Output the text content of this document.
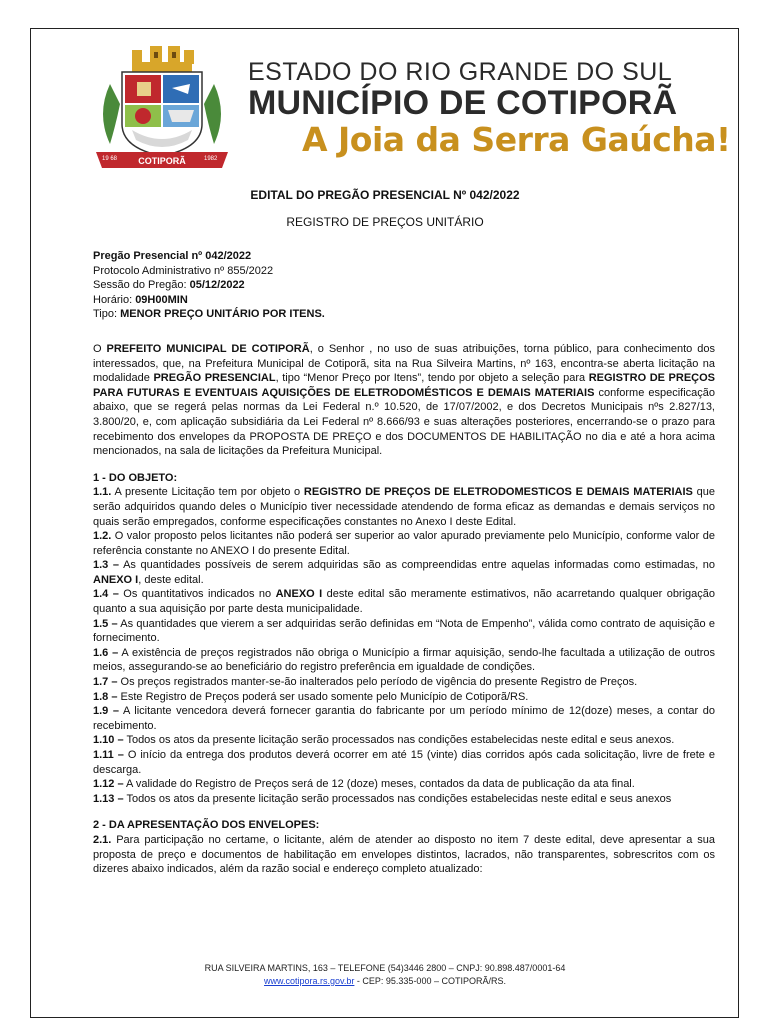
COTIPORÃ
19 68	1982
ESTADO DO RIO GRANDE DO SUL
MUNICÍPIO DE COTIPORÃ
A Joia da Serra Gaúcha!
EDITAL DO PREGÃO PRESENCIAL Nº 042/2022
REGISTRO DE PREÇOS UNITÁRIO

Pregão Presencial nº 042/2022

Protocolo Administrativo nº 855/2022

Sessão do Pregão: 05/12/2022

Horário: 09H00MIN

Tipo: MENOR PREÇO UNITÁRIO POR ITENS.

O PREFEITO MUNICIPAL DE COTIPORÃ, o Senhor , no uso de suas atribuições, torna público, para conhecimento dos interessados, que, na Prefeitura Municipal de Cotiporã, sita na Rua Silveira Martins, nº 163, encontra-se aberta licitação na modalidade PREGÃO PRESENCIAL, tipo “Menor Preço por Itens”, tendo por objeto a seleção para REGISTRO DE PREÇOS PARA FUTURAS E EVENTUAIS AQUISIÇÕES DE ELETRODOMÉSTICOS E DEMAIS MATERIAIS conforme especificação abaixo, que se regerá pelas normas da Lei Federal n.º 10.520, de 17/07/2002, e dos Decretos Municipais nºs 2.827/13, 3.800/20, e, com aplicação subsidiária da Lei Federal nº 8.666/93 e suas alterações posteriores, encerrando-se o prazo para recebimento dos envelopes da PROPOSTA DE PREÇO e dos DOCUMENTOS DE HABILITAÇÃO no dia e até a hora acima mencionados, na sala de licitações da Prefeitura Municipal.

1 - DO OBJETO:

1.1. A presente Licitação tem por objeto o REGISTRO DE PREÇOS DE ELETRODOMESTICOS E DEMAIS MATERIAIS que serão adquiridos quando deles o Município tiver necessidade atendendo de forma eficaz as demandas e demais serviços no quais serão empregados, conforme especificações constantes no Anexo I deste Edital.

1.2. O valor proposto pelos licitantes não poderá ser superior ao valor apurado previamente pelo Município, conforme valor de referência constante no ANEXO I do presente Edital.

1.3 – As quantidades possíveis de serem adquiridas são as compreendidas entre aquelas informadas como estimadas, no ANEXO I, deste edital.

1.4 – Os quantitativos indicados no ANEXO I deste edital são meramente estimativos, não acarretando qualquer obrigação quanto a sua aquisição por parte desta municipalidade.

1.5 – As quantidades que vierem a ser adquiridas serão definidas em “Nota de Empenho”, válida como contrato de aquisição e fornecimento.

1.6 – A existência de preços registrados não obriga o Município a firmar aquisição, sendo-lhe facultada a utilização de outros meios, assegurando-se ao beneficiário do registro preferência em igualdade de condições.

1.7 – Os preços registrados manter-se-ão inalterados pelo período de vigência do presente Registro de Preços.

1.8 – Este Registro de Preços poderá ser usado somente pelo Município de Cotiporã/RS.

1.9 – A licitante vencedora deverá fornecer garantia do fabricante por um período mínimo de 12(doze) meses, a contar do recebimento.

1.10 – Todos os atos da presente licitação serão processados nas condições estabelecidas neste edital e seus anexos.

1.11 – O início da entrega dos produtos deverá ocorrer em até 15 (vinte) dias corridos após cada solicitação, livre de frete e descarga.

1.12 – A validade do Registro de Preços será de 12 (doze) meses, contados da data de publicação da ata final.

1.13 – Todos os atos da presente licitação serão processados nas condições estabelecidas neste edital e seus anexos

2 - DA APRESENTAÇÃO DOS ENVELOPES:

2.1. Para participação no certame, o licitante, além de atender ao disposto no item 7 deste edital, deve apresentar a sua proposta de preço e documentos de habilitação em envelopes distintos, lacrados, não transparentes, sobrescritos com os dizeres abaixo indicados, além da razão social e endereço completo atualizado:

RUA SILVEIRA MARTINS, 163 – TELEFONE (54)3446 2800 – CNPJ: 90.898.487/0001-64
www.cotipora.rs.gov.br - CEP: 95.335-000 – COTIPORÃ/RS.
